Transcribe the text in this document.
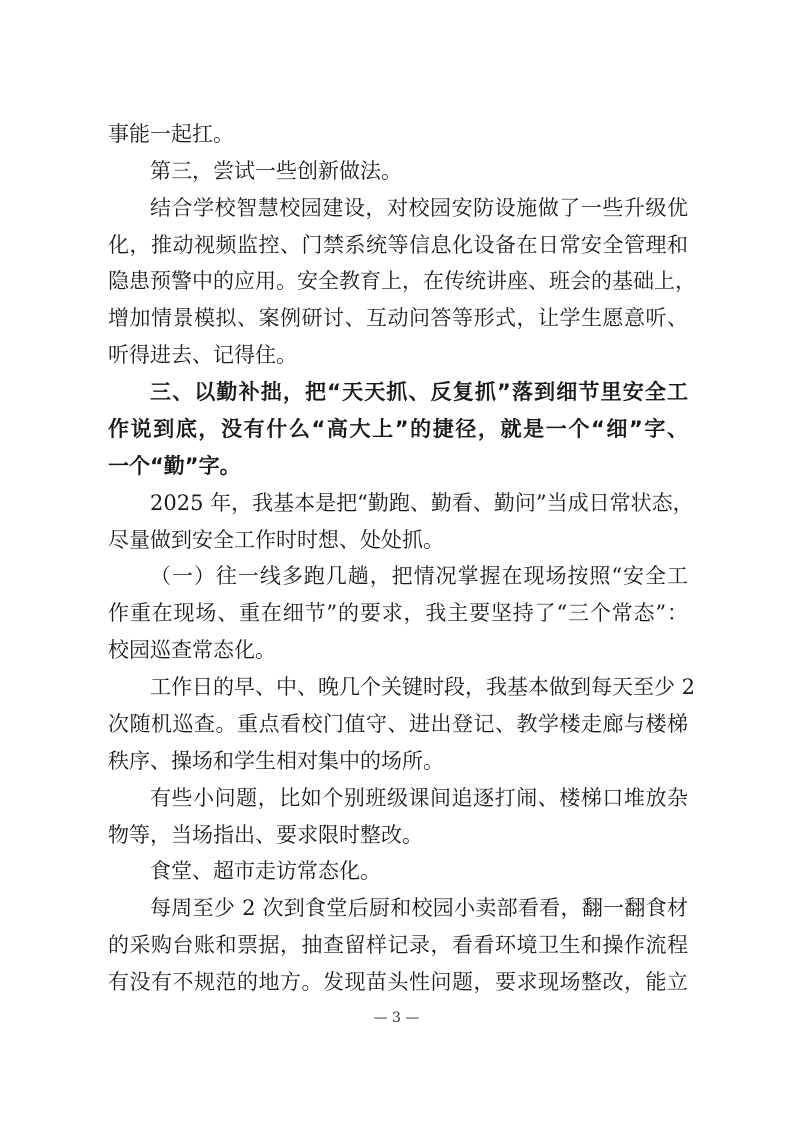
事能一起扛。
第三，尝试一些创新做法。
结合学校智慧校园建设，对校园安防设施做了一些升级优
化，推动视频监控、门禁系统等信息化设备在日常安全管理和
隐患预警中的应用。安全教育上，在传统讲座、班会的基础上，
增加情景模拟、案例研讨、互动问答等形式，让学生愿意听、
听得进去、记得住。
三、以勤补拙，把“天天抓、反复抓”落到细节里安全工
作说到底，没有什么“高大上”的捷径，就是一个“细”字、
一个“勤”字。
2025 年，我基本是把“勤跑、勤看、勤问”当成日常状态，
尽量做到安全工作时时想、处处抓。
（一）往一线多跑几趟，把情况掌握在现场按照“安全工
作重在现场、重在细节”的要求，我主要坚持了“三个常态”：
校园巡查常态化。
工作日的早、中、晚几个关键时段，我基本做到每天至少 2
次随机巡查。重点看校门值守、进出登记、教学楼走廊与楼梯
秩序、操场和学生相对集中的场所。
有些小问题，比如个别班级课间追逐打闹、楼梯口堆放杂
物等，当场指出、要求限时整改。
食堂、超市走访常态化。
每周至少 2 次到食堂后厨和校园小卖部看看，翻一翻食材
的采购台账和票据，抽查留样记录，看看环境卫生和操作流程
有没有不规范的地方。发现苗头性问题，要求现场整改，能立
— 3 —
